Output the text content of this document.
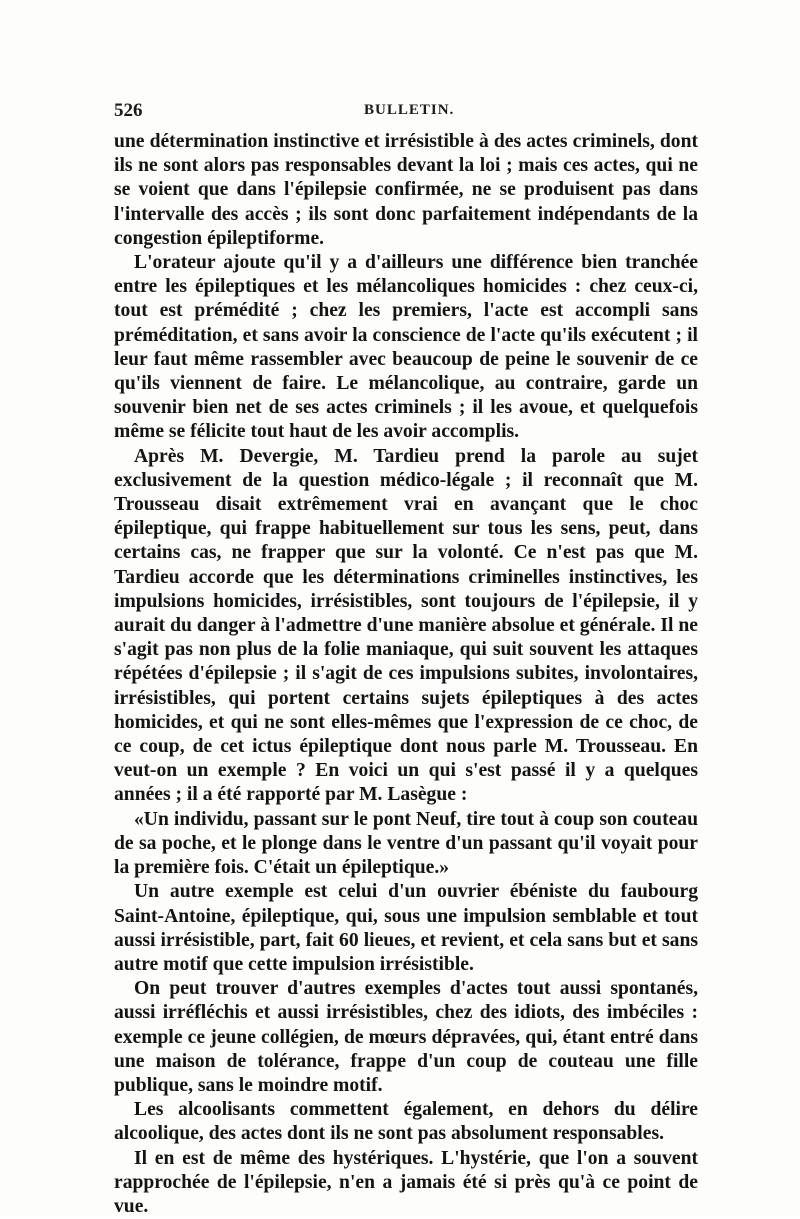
526	BULLETIN.

une détermination instinctive et irrésistible à des actes criminels, dont ils ne sont alors pas responsables devant la loi ; mais ces actes, qui ne se voient que dans l'épilepsie confirmée, ne se produisent pas dans l'intervalle des accès ; ils sont donc parfaitement indépendants de la congestion épileptiforme.

L'orateur ajoute qu'il y a d'ailleurs une différence bien tranchée entre les épileptiques et les mélancoliques homicides : chez ceux-ci, tout est prémédité ; chez les premiers, l'acte est accompli sans préméditation, et sans avoir la conscience de l'acte qu'ils exécutent ; il leur faut même rassembler avec beaucoup de peine le souvenir de ce qu'ils viennent de faire. Le mélancolique, au contraire, garde un souvenir bien net de ses actes criminels ; il les avoue, et quelquefois même se félicite tout haut de les avoir accomplis.

Après M. Devergie, M. Tardieu prend la parole au sujet exclusivement de la question médico-légale ; il reconnaît que M. Trousseau disait extrêmement vrai en avançant que le choc épileptique, qui frappe habituellement sur tous les sens, peut, dans certains cas, ne frapper que sur la volonté. Ce n'est pas que M. Tardieu accorde que les déterminations criminelles instinctives, les impulsions homicides, irrésistibles, sont toujours de l'épilepsie, il y aurait du danger à l'admettre d'une manière absolue et générale. Il ne s'agit pas non plus de la folie maniaque, qui suit souvent les attaques répétées d'épilepsie ; il s'agit de ces impulsions subites, involontaires, irrésistibles, qui portent certains sujets épileptiques à des actes homicides, et qui ne sont elles-mêmes que l'expression de ce choc, de ce coup, de cet ictus épileptique dont nous parle M. Trousseau. En veut-on un exemple ? En voici un qui s'est passé il y a quelques années ; il a été rapporté par M. Lasègue :

«Un individu, passant sur le pont Neuf, tire tout à coup son couteau de sa poche, et le plonge dans le ventre d'un passant qu'il voyait pour la première fois. C'était un épileptique.»

Un autre exemple est celui d'un ouvrier ébéniste du faubourg Saint-Antoine, épileptique, qui, sous une impulsion semblable et tout aussi irrésistible, part, fait 60 lieues, et revient, et cela sans but et sans autre motif que cette impulsion irrésistible.

On peut trouver d'autres exemples d'actes tout aussi spontanés, aussi irréfléchis et aussi irrésistibles, chez des idiots, des imbéciles : exemple ce jeune collégien, de mœurs dépravées, qui, étant entré dans une maison de tolérance, frappe d'un coup de couteau une fille publique, sans le moindre motif.

Les alcoolisants commettent également, en dehors du délire alcoolique, des actes dont ils ne sont pas absolument responsables.

Il en est de même des hystériques. L'hystérie, que l'on a souvent rapprochée de l'épilepsie, n'en a jamais été si près qu'à ce point de vue.
